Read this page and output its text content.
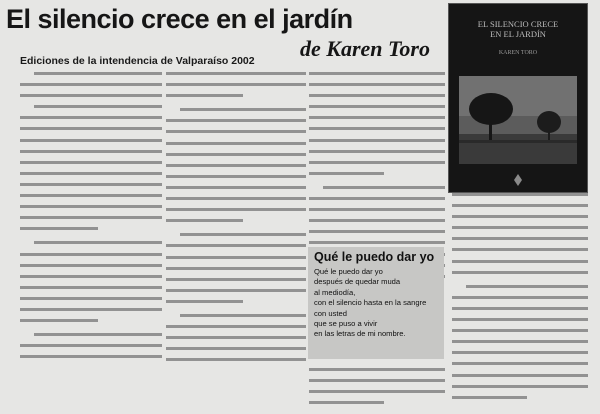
El silencio crece en el jardín
de Karen Toro
Ediciones de la intendencia de Valparaíso 2002
Qué le puedo dar yo

Qué le puedo dar yo

después de quedar muda

al mediodía,

con el silencio hasta en la sangre

con usted

que se puso a vivir

en las letras de mi nombre.

EL SILENCIO CRECE
EN EL JARDÍN
KAREN TORO
